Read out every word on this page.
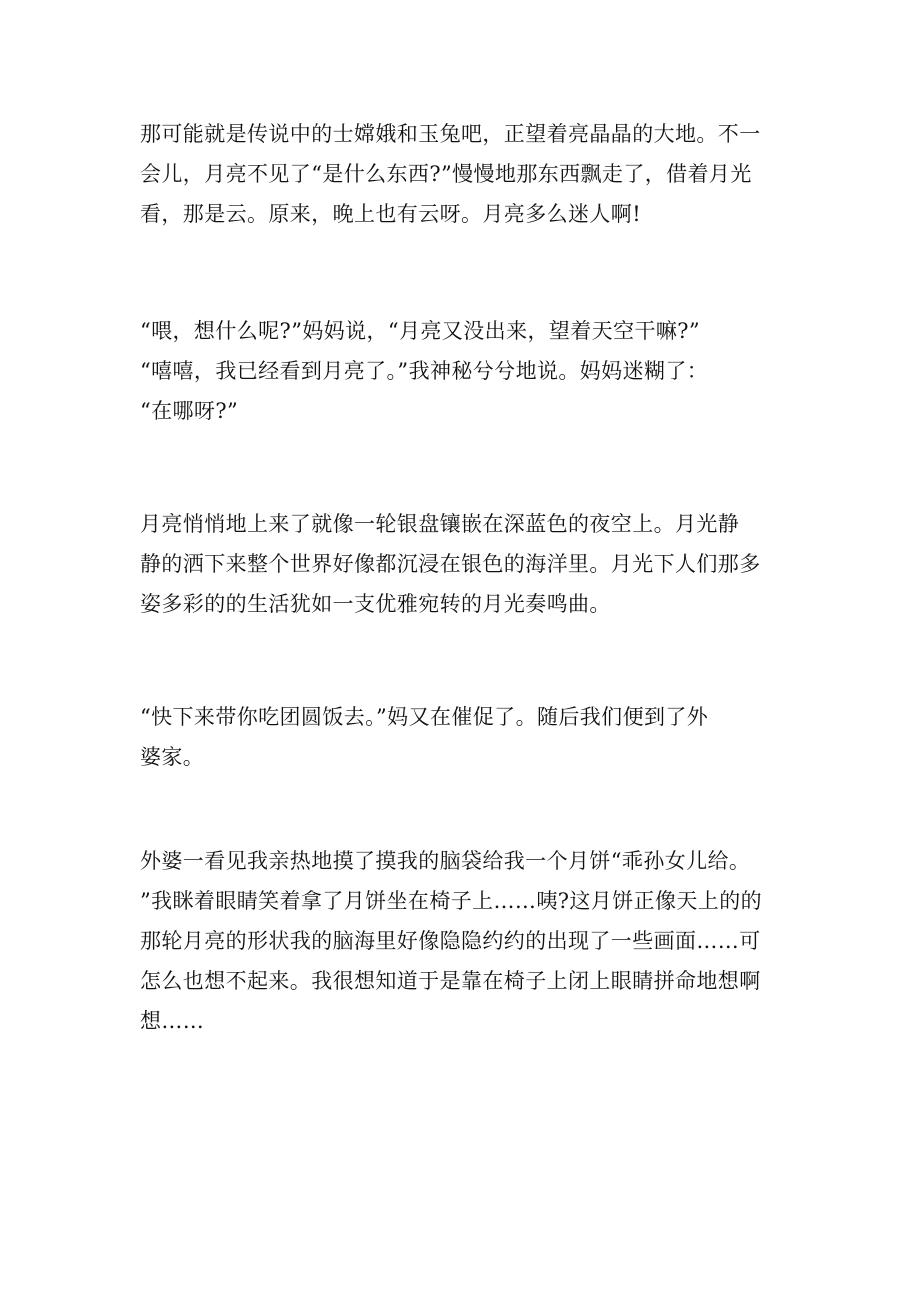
那可能就是传说中的士嫦娥和玉兔吧，正望着亮晶晶的大地。不一
会儿，月亮不见了“是什么东西?”慢慢地那东西飘走了，借着月光
看，那是云。原来，晚上也有云呀。月亮多么迷人啊!

“喂，想什么呢?”妈妈说，“月亮又没出来，望着天空干嘛?”
“嘻嘻，我已经看到月亮了。”我神秘兮兮地说。妈妈迷糊了：
“在哪呀?”

月亮悄悄地上来了就像一轮银盘镶嵌在深蓝色的夜空上。月光静
静的洒下来整个世界好像都沉浸在银色的海洋里。月光下人们那多
姿多彩的的生活犹如一支优雅宛转的月光奏鸣曲。

“快下来带你吃团圆饭去。”妈又在催促了。随后我们便到了外
婆家。

外婆一看见我亲热地摸了摸我的脑袋给我一个月饼“乖孙女儿给。
”我眯着眼睛笑着拿了月饼坐在椅子上……咦?这月饼正像天上的的
那轮月亮的形状我的脑海里好像隐隐约约的出现了一些画面……可
怎么也想不起来。我很想知道于是靠在椅子上闭上眼睛拼命地想啊
想……
